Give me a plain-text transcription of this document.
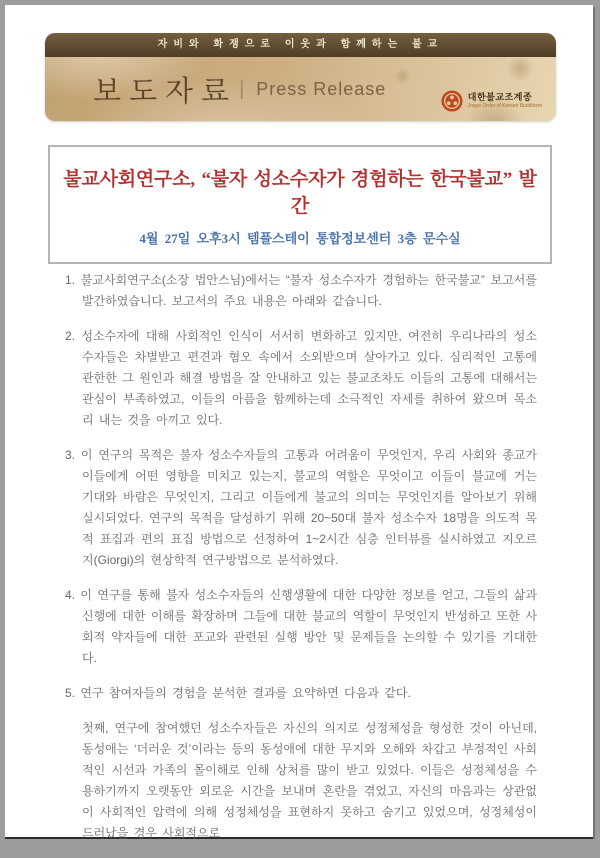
자비와 화쟁으로 이웃과 함께하는 불교
보도자료 | Press Release	대한불교조계종
Jogye Order of Korean Buddhism
불교사회연구소, “불자 성소수자가 경험하는 한국불교” 발간
4월 27일 오후3시 템플스테이 통합정보센터 3층 문수실

1. 불교사회연구소(소장 법안스님)에서는 “불자 성소수자가 경험하는 한국불교” 보고서를 발간하였습니다. 보고서의 주요 내용은 아래와 같습니다.

2. 성소수자에 대해 사회적인 인식이 서서히 변화하고 있지만, 여전히 우리나라의 성소수자들은 차별받고 편견과 혐오 속에서 소외받으며 살아가고 있다. 심리적인 고통에 관한한 그 원인과 해결 방법을 잘 안내하고 있는 불교조차도 이들의 고통에 대해서는 관심이 부족하였고, 이들의 아픔을 함께하는데 소극적인 자세를 취하여 왔으며 목소리 내는 것을 아끼고 있다.

3. 이 연구의 목적은 불자 성소수자들의 고통과 어려움이 무엇인지, 우리 사회와 종교가 이들에게 어떤 영향을 미치고 있는지, 불교의 역할은 무엇이고 이들이 불교에 거는 기대와 바람은 무엇인지, 그리고 이들에게 불교의 의미는 무엇인지를 알아보기 위해 실시되었다. 연구의 목적을 달성하기 위해 20~50대 불자 성소수자 18명을 의도적 목적 표집과 편의 표집 방법으로 선정하여 1~2시간 심층 인터뷰를 실시하였고 지오르지(Giorgi)의 현상학적 연구방법으로 분석하였다.

4. 이 연구를 통해 불자 성소수자들의 신행생활에 대한 다양한 정보를 얻고, 그들의 삶과 신행에 대한 이해를 확장하며 그들에 대한 불교의 역할이 무엇인지 반성하고 또한 사회적 약자들에 대한 포교와 관련된 실행 방안 및 문제들을 논의할 수 있기를 기대한다.

5. 연구 참여자들의 경험을 분석한 결과를 요약하면 다음과 같다.

첫째, 연구에 참여했던 성소수자들은 자신의 의지로 성정체성을 형성한 것이 아닌데, 동성애는 ‘더러운 것’이라는 등의 동성애에 대한 무지와 오해와 차갑고 부정적인 사회적인 시선과 가족의 몰이해로 인해 상처를 많이 받고 있었다. 이들은 성정체성을 수용하기까지 오랫동안 외로운 시간을 보내며 혼란을 겪었고, 자신의 마음과는 상관없이 사회적인 압력에 의해 성정체성을 표현하지 못하고 숨기고 있었으며, 성정체성이 드러났을 경우 사회적으로
